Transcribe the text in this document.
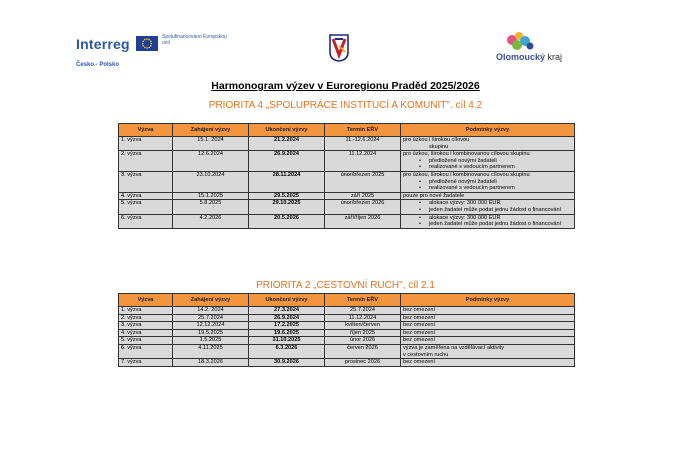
Interreg	Spolufinancováno Evropskou unií
Česko - Polsko
Olomoucký kraj
Harmonogram výzev v Euroregionu Praděd 2025/2026
PRIORITA 4 „SPOLUPRÁCE INSTITUCÍ A KOMUNIT". cíl 4.2
Výzva	Zahájení výzvy	Ukončení výzvy	Termín EŘV	Podmínky výzvy
1. výzva	15.1. 2024	21.2.2024	11.-12.6.2024	pro úzkou i širokou cílovou
skupinu

2. výzva	12.6.2024	26.9.2024	11.12.2024	pro úzkou, širokou i kombinovanou cílovou skupinu
• předložené novými žadateli
• realizované s vedoucím partnerem

3. výzva	23.10.2024	28.11.2024	únor/březen 2025	pro úzkou, širokou i kombinovanou cílovou skupinu
• předložené novými žadateli
• realizované s vedoucím partnerem

4. výzva	15.1.2025	29.5.2025	září 2025	pouze pro nové žadatele

5. výzva	5.8.2025	29.10.2025	únor/březen 2026	• alokace výzvy: 300 000 EUR
• jeden žadatel může podat jednu žádost o financování

6. výzva	4.2.2026	20.5.2026	září/říjen 2026	• alokace výzvy: 300 000 EUR
• jeden žadatel může podat jednu žádost o financování
PRIORITA 2 „CESTOVNÍ RUCH", cíl 2.1
Výzva	Zahájení výzvy	Ukončení výzvy	Termín EŘV	Podmínky výzvy
1. výzva	14.2. 2024	27.3.2024	25.7.2024	bez omezení
2. výzva	25.7.2024	26.9.2024	11.12.2024	bez omezení
3. výzva	12.12.2024	17.2.2025	květen/červen	bez omezení
4. výzva	19.5.2025	19.6.2025	říjen 2025	bez omezení
5. výzva	1.5.2025	31.10.2025	únor 2026	bez omezení
6. výzva	4.11.2025	6.3.2026	červen 2026	výzva je zaměřena na vzdělávací aktivity
v cestovním ruchu

7. výzva	18.3.2026	30.9.2026	prosinec 2026	bez omezení
